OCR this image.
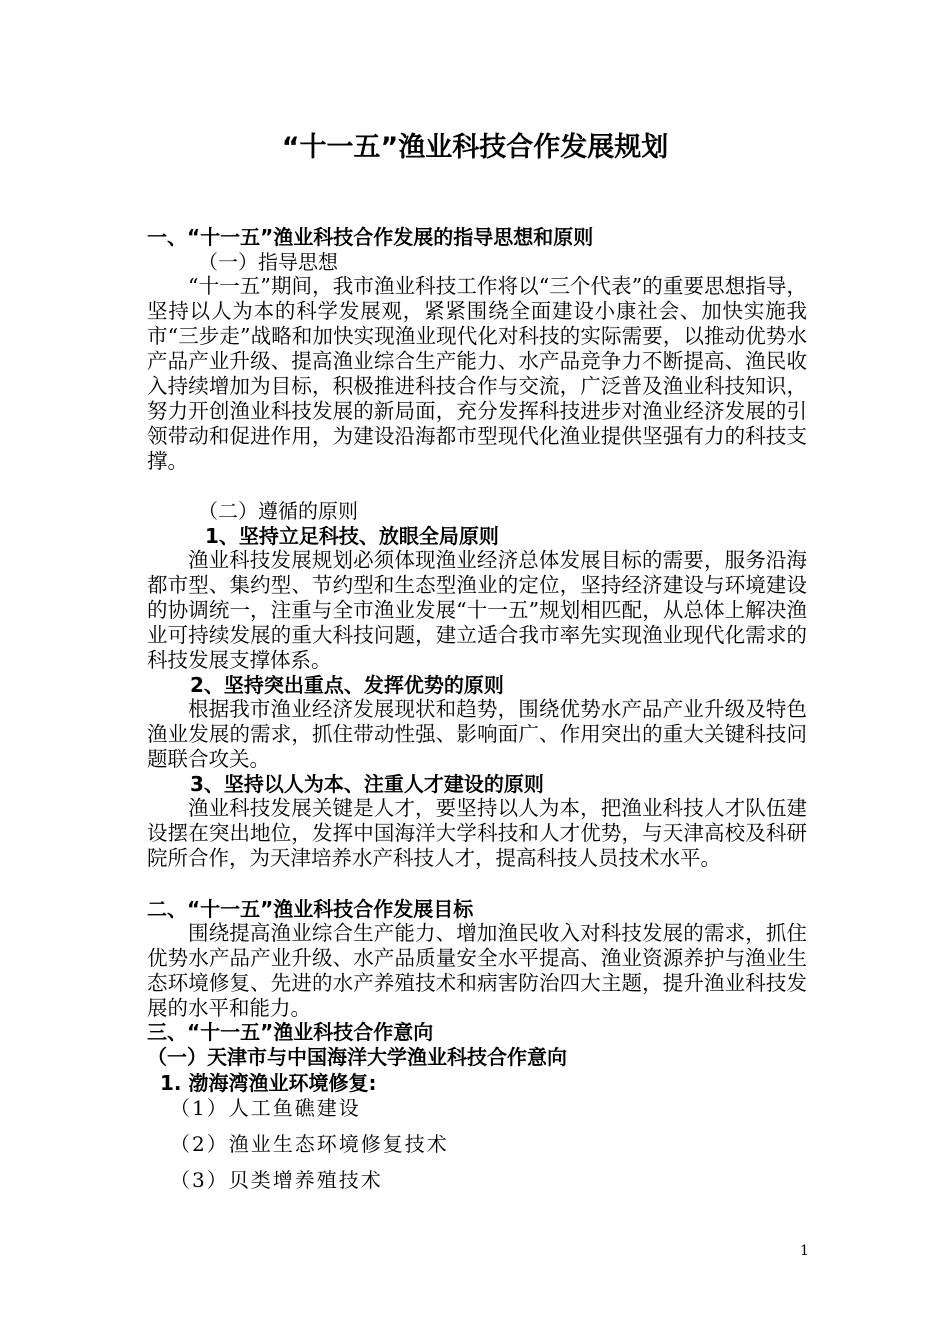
“十一五”渔业科技合作发展规划
一、“十一五”渔业科技合作发展的指导思想和原则
（一）指导思想
“十一五”期间，我市渔业科技工作将以“三个代表”的重要思想指导，坚持以人为本的科学发展观，紧紧围绕全面建设小康社会、加快实施我市“三步走”战略和加快实现渔业现代化对科技的实际需要，以推动优势水产品产业升级、提高渔业综合生产能力、水产品竞争力不断提高、渔民收入持续增加为目标，积极推进科技合作与交流，广泛普及渔业科技知识，努力开创渔业科技发展的新局面，充分发挥科技进步对渔业经济发展的引领带动和促进作用，为建设沿海都市型现代化渔业提供坚强有力的科技支撑。
（二）遵循的原则
1、坚持立足科技、放眼全局原则
渔业科技发展规划必须体现渔业经济总体发展目标的需要，服务沿海都市型、集约型、节约型和生态型渔业的定位，坚持经济建设与环境建设的协调统一，注重与全市渔业发展“十一五”规划相匹配，从总体上解决渔业可持续发展的重大科技问题，建立适合我市率先实现渔业现代化需求的科技发展支撑体系。
2、坚持突出重点、发挥优势的原则
根据我市渔业经济发展现状和趋势，围绕优势水产品产业升级及特色渔业发展的需求，抓住带动性强、影响面广、作用突出的重大关键科技问题联合攻关。
3、坚持以人为本、注重人才建设的原则
渔业科技发展关键是人才，要坚持以人为本，把渔业科技人才队伍建设摆在突出地位，发挥中国海洋大学科技和人才优势，与天津高校及科研院所合作，为天津培养水产科技人才，提高科技人员技术水平。
二、“十一五”渔业科技合作发展目标
围绕提高渔业综合生产能力、增加渔民收入对科技发展的需求，抓住优势水产品产业升级、水产品质量安全水平提高、渔业资源养护与渔业生态环境修复、先进的水产养殖技术和病害防治四大主题，提升渔业科技发展的水平和能力。
三、“十一五”渔业科技合作意向
（一）天津市与中国海洋大学渔业科技合作意向
1. 渤海湾渔业环境修复:
（1）人工鱼礁建设
（2）渔业生态环境修复技术
（3）贝类增养殖技术
1
